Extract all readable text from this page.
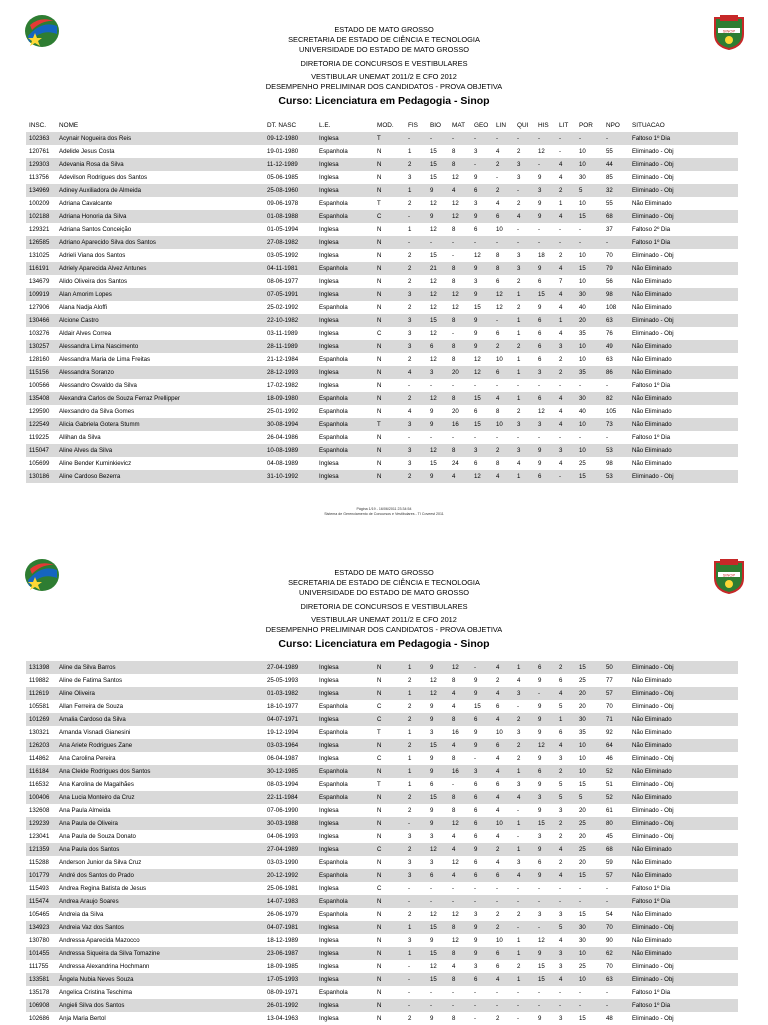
SINOP
ESTADO DE MATO GROSSO
SECRETARIA DE ESTADO DE CIÊNCIA E TECNOLOGIA
UNIVERSIDADE DO ESTADO DE MATO GROSSO
DIRETORIA DE CONCURSOS E VESTIBULARES
VESTIBULAR UNEMAT 2011/2 E CFO 2012
DESEMPENHO PRELIMINAR DOS CANDIDATOS - PROVA OBJETIVA
Curso: Licenciatura em Pedagogia - Sinop
INSC.	NOME	DT. NASC	L.E.	MOD.	FIS	BIO	MAT	GEO	LIN	QUI	HIS	LIT	POR	NPO	SITUACAO
102363	Acynair Nogueira dos Reis	09-12-1980	Inglesa	T	-	-	-	-	-	-	-	-	-	-	Faltoso 1º Dia
120761	Adelide Jesus Costa	19-01-1980	Espanhola	N	1	15	8	3	4	2	12	-	10	55	Eliminado - Obj
129303	Adevania Rosa da Silva	11-12-1989	Inglesa	N	2	15	8	-	2	3	-	4	10	44	Eliminado - Obj
113756	Adevilson Rodrigues dos Santos	05-06-1985	Inglesa	N	3	15	12	9	-	3	9	4	30	85	Eliminado - Obj
134969	Adiney Auxiliadora de Almeida	25-08-1960	Inglesa	N	1	9	4	6	2	-	3	2	5	32	Eliminado - Obj
100209	Adriana Cavalcante	09-06-1978	Espanhola	T	2	12	12	3	4	2	9	1	10	55	Não Eliminado
102188	Adriana Honoria da Silva	01-08-1988	Espanhola	C	-	9	12	9	6	4	9	4	15	68	Eliminado - Obj
129321	Adriana Santos Conceição	01-05-1994	Inglesa	N	1	12	8	6	10	-	-	-	-	37	Faltoso 2º Dia
126585	Adriano Aparecido Silva dos Santos	27-08-1982	Inglesa	N	-	-	-	-	-	-	-	-	-	-	Faltoso 1º Dia
131025	Adrieli Viana dos Santos	03-05-1992	Inglesa	N	2	15	-	12	8	3	18	2	10	70	Eliminado - Obj
116191	Adriely Aparecida Alvez Antunes	04-11-1981	Espanhola	N	2	21	8	9	8	3	9	4	15	79	Não Eliminado
134679	Alido Oliveira dos Santos	08-06-1977	Inglesa	N	2	12	8	3	6	2	6	7	10	56	Não Eliminado
109919	Alan Amorim Lopes	07-05-1991	Inglesa	N	3	12	12	9	12	1	15	4	30	98	Não Eliminado
127906	Alana Nadja Aloffi	25-02-1992	Espanhola	N	2	12	12	15	12	2	9	4	40	108	Não Eliminado
130466	Alcione Castro	22-10-1982	Inglesa	N	3	15	8	9	-	1	6	1	20	63	Eliminado - Obj
103276	Aldair Alves Correa	03-11-1989	Inglesa	C	3	12	-	9	6	1	6	4	35	76	Eliminado - Obj
130257	Alessandra Lima Nascimento	28-11-1989	Inglesa	N	3	6	8	9	2	2	6	3	10	49	Não Eliminado
128160	Alessandra Maria de Lima Freitas	21-12-1984	Espanhola	N	2	12	8	12	10	1	6	2	10	63	Não Eliminado
115156	Alessandra Soranzo	28-12-1993	Inglesa	N	4	3	20	12	6	1	3	2	35	86	Não Eliminado
100566	Alessandro Osvaldo da Silva	17-02-1982	Inglesa	N	-	-	-	-	-	-	-	-	-	-	Faltoso 1º Dia
135408	Alexandra Carlos de Souza Ferraz Prellipper	18-09-1980	Espanhola	N	2	12	8	15	4	1	6	4	30	82	Não Eliminado
129590	Alexsandro da Silva Gomes	25-01-1992	Espanhola	N	4	9	20	6	8	2	12	4	40	105	Não Eliminado
122549	Alicia Gabriela Gotera Stumm	30-08-1994	Espanhola	T	3	9	16	15	10	3	3	4	10	73	Não Eliminado
119225	Allihan da Silva	26-04-1986	Espanhola	N	-	-	-	-	-	-	-	-	-	-	Faltoso 1º Dia
115047	Aline Alves da Silva	10-08-1989	Espanhola	N	3	12	8	3	2	3	9	3	10	53	Não Eliminado
105699	Aline Bender Kuminkievicz	04-08-1989	Inglesa	N	3	15	24	6	8	4	9	4	25	98	Não Eliminado
130186	Aline Cardoso Bezerra	31-10-1992	Inglesa	N	2	9	4	12	4	1	6	-	15	53	Eliminado - Obj
Página 1/19 - 16/06/2011 23:34:54
Sistema de Gerenciamento de Concursos e Vestibulares - TI Coveest 2011
SINOP
ESTADO DE MATO GROSSO
SECRETARIA DE ESTADO DE CIÊNCIA E TECNOLOGIA
UNIVERSIDADE DO ESTADO DE MATO GROSSO
DIRETORIA DE CONCURSOS E VESTIBULARES
VESTIBULAR UNEMAT 2011/2 E CFO 2012
DESEMPENHO PRELIMINAR DOS CANDIDATOS - PROVA OBJETIVA
Curso: Licenciatura em Pedagogia - Sinop
131398	Aline da Silva Barros	27-04-1989	Inglesa	N	1	9	12	-	4	1	6	2	15	50	Eliminado - Obj
119882	Aline de Fatima Santos	25-05-1993	Inglesa	N	2	12	8	9	2	4	9	6	25	77	Não Eliminado
112619	Aline Oliveira	01-03-1982	Inglesa	N	1	12	4	9	4	3	-	4	20	57	Eliminado - Obj
105581	Allan Ferreira de Souza	18-10-1977	Espanhola	C	2	9	4	15	6	-	9	5	20	70	Eliminado - Obj
101269	Amalia Cardoso da Silva	04-07-1971	Inglesa	C	2	9	8	6	4	2	9	1	30	71	Não Eliminado
130321	Amanda Visnadi Gianesini	19-12-1994	Espanhola	T	1	3	16	9	10	3	9	6	35	92	Não Eliminado
126203	Ana Ariete Rodrigues Zane	03-03-1964	Inglesa	N	2	15	4	9	6	2	12	4	10	64	Não Eliminado
114862	Ana Carolina Pereira	06-04-1987	Inglesa	C	1	9	8	-	4	2	9	3	10	46	Eliminado - Obj
116184	Ana Cleide Rodrigues dos Santos	30-12-1985	Espanhola	N	1	9	16	3	4	1	6	2	10	52	Não Eliminado
116532	Ana Karolina de Magalhães	08-03-1994	Espanhola	T	1	6	-	6	6	3	9	5	15	51	Eliminado - Obj
100406	Ana Lucia Monteiro da Cruz	22-11-1984	Espanhola	N	2	15	8	6	4	4	3	5	5	52	Não Eliminado
132608	Ana Paula Almeida	07-06-1990	Inglesa	N	2	9	8	6	4	-	9	3	20	61	Eliminado - Obj
129239	Ana Paula de Oliveira	30-03-1988	Inglesa	N	-	9	12	6	10	1	15	2	25	80	Eliminado - Obj
123041	Ana Paula de Souza Donato	04-06-1993	Inglesa	N	3	3	4	6	4	-	3	2	20	45	Eliminado - Obj
121359	Ana Paula dos Santos	27-04-1989	Inglesa	C	2	12	4	9	2	1	9	4	25	68	Não Eliminado
115288	Anderson Junior da Silva Cruz	03-03-1990	Espanhola	N	3	3	12	6	4	3	6	2	20	59	Não Eliminado
101779	André dos Santos do Prado	20-12-1992	Espanhola	N	3	6	4	6	6	4	9	4	15	57	Não Eliminado
115493	Andrea Regina Batista de Jesus	25-06-1981	Inglesa	C	-	-	-	-	-	-	-	-	-	-	Faltoso 1º Dia
115474	Andrea Araujo Soares	14-07-1983	Espanhola	N	-	-	-	-	-	-	-	-	-	-	Faltoso 1º Dia
105465	Andreia da Silva	26-06-1979	Espanhola	N	2	12	12	3	2	2	3	3	15	54	Não Eliminado
134923	Andreia Vaz dos Santos	04-07-1981	Inglesa	N	1	15	8	9	2	-	-	5	30	70	Eliminado - Obj
130780	Andressa Aparecida Mazocco	18-12-1989	Inglesa	N	3	9	12	9	10	1	12	4	30	90	Não Eliminado
101455	Andressa Siqueira da Silva Tomazine	23-06-1987	Inglesa	N	1	15	8	9	6	1	9	3	10	62	Não Eliminado
111755	Andressa Alexandrina Hochmann	18-09-1985	Inglesa	N	-	12	4	3	6	2	15	3	25	70	Eliminado - Obj
133581	Ângela Nubia Neves Souza	17-05-1993	Inglesa	N	-	15	8	6	4	1	15	4	10	63	Eliminado - Obj
135178	Angelica Cristina Teschima	08-09-1971	Espanhola	N	-	-	-	-	-	-	-	-	-	-	Faltoso 1º Dia
106908	Angieli Silva dos Santos	26-01-1992	Inglesa	N	-	-	-	-	-	-	-	-	-	-	Faltoso 1º Dia
102686	Anja Maria Bertol	13-04-1963	Inglesa	N	2	9	8	-	2	-	9	3	15	48	Eliminado - Obj
